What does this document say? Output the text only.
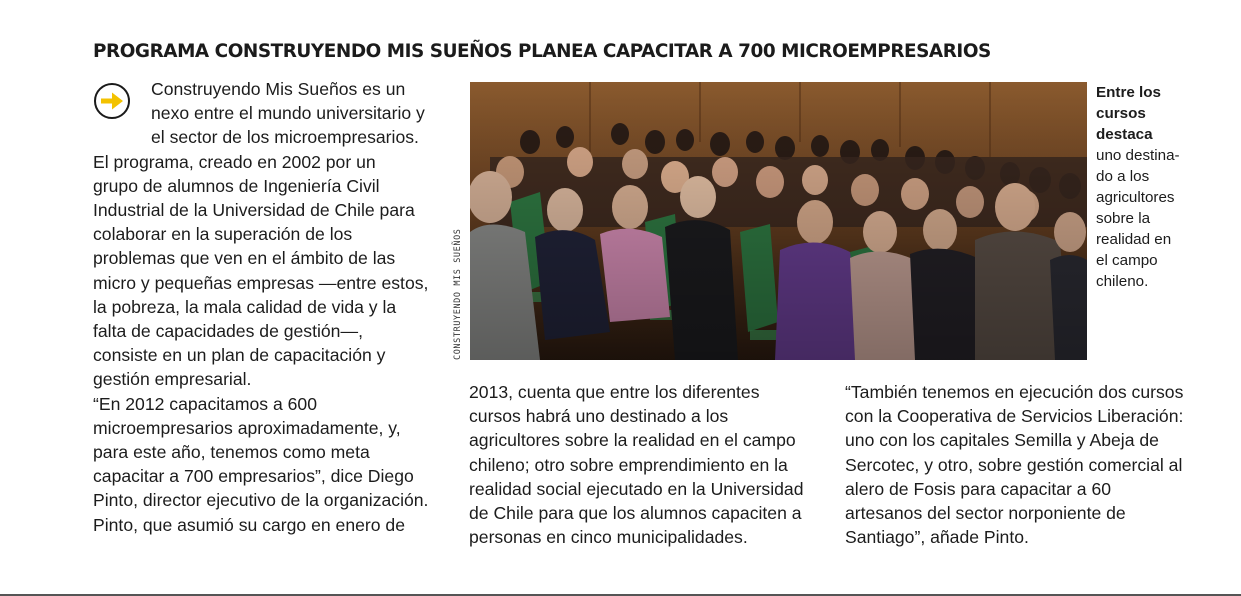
PROGRAMA CONSTRUYENDO MIS SUEÑOS PLANEA CAPACITAR A 700 MICROEMPRESARIOS

Construyendo Mis Sueños es un

nexo entre el mundo universitario y

el sector de los microempresarios.

El programa, creado en 2002 por un

grupo de alumnos de Ingeniería Civil

Industrial de la Universidad de Chile para

colaborar en la superación de los

problemas que ven en el ámbito de las

micro y pequeñas empresas —entre estos,

la pobreza, la mala calidad de vida y la

falta de capacidades de gestión—,

consiste en un plan de capacitación y

gestión empresarial.

“En 2012 capacitamos a 600

microempresarios aproximadamente, y,

para este año, tenemos como meta

capacitar a 700 empresarios”, dice Diego

Pinto, director ejecutivo de la organización.

Pinto, que asumió su cargo en enero de

CONSTRUYENDO MIS SUEÑOS
Entre los
cursos
destaca
uno destina-
do a los
agricultores
sobre la
realidad en
el campo
chileno.

2013, cuenta que entre los diferentes

cursos habrá uno destinado a los

agricultores sobre la realidad en el campo

chileno; otro sobre emprendimiento en la

realidad social ejecutado en la Universidad

de Chile para que los alumnos capaciten a

personas en cinco municipalidades.

“También tenemos en ejecución dos cursos

con la Cooperativa de Servicios Liberación:

uno con los capitales Semilla y Abeja de

Sercotec, y otro, sobre gestión comercial al

alero de Fosis para capacitar a 60

artesanos del sector norponiente de

Santiago”, añade Pinto.
